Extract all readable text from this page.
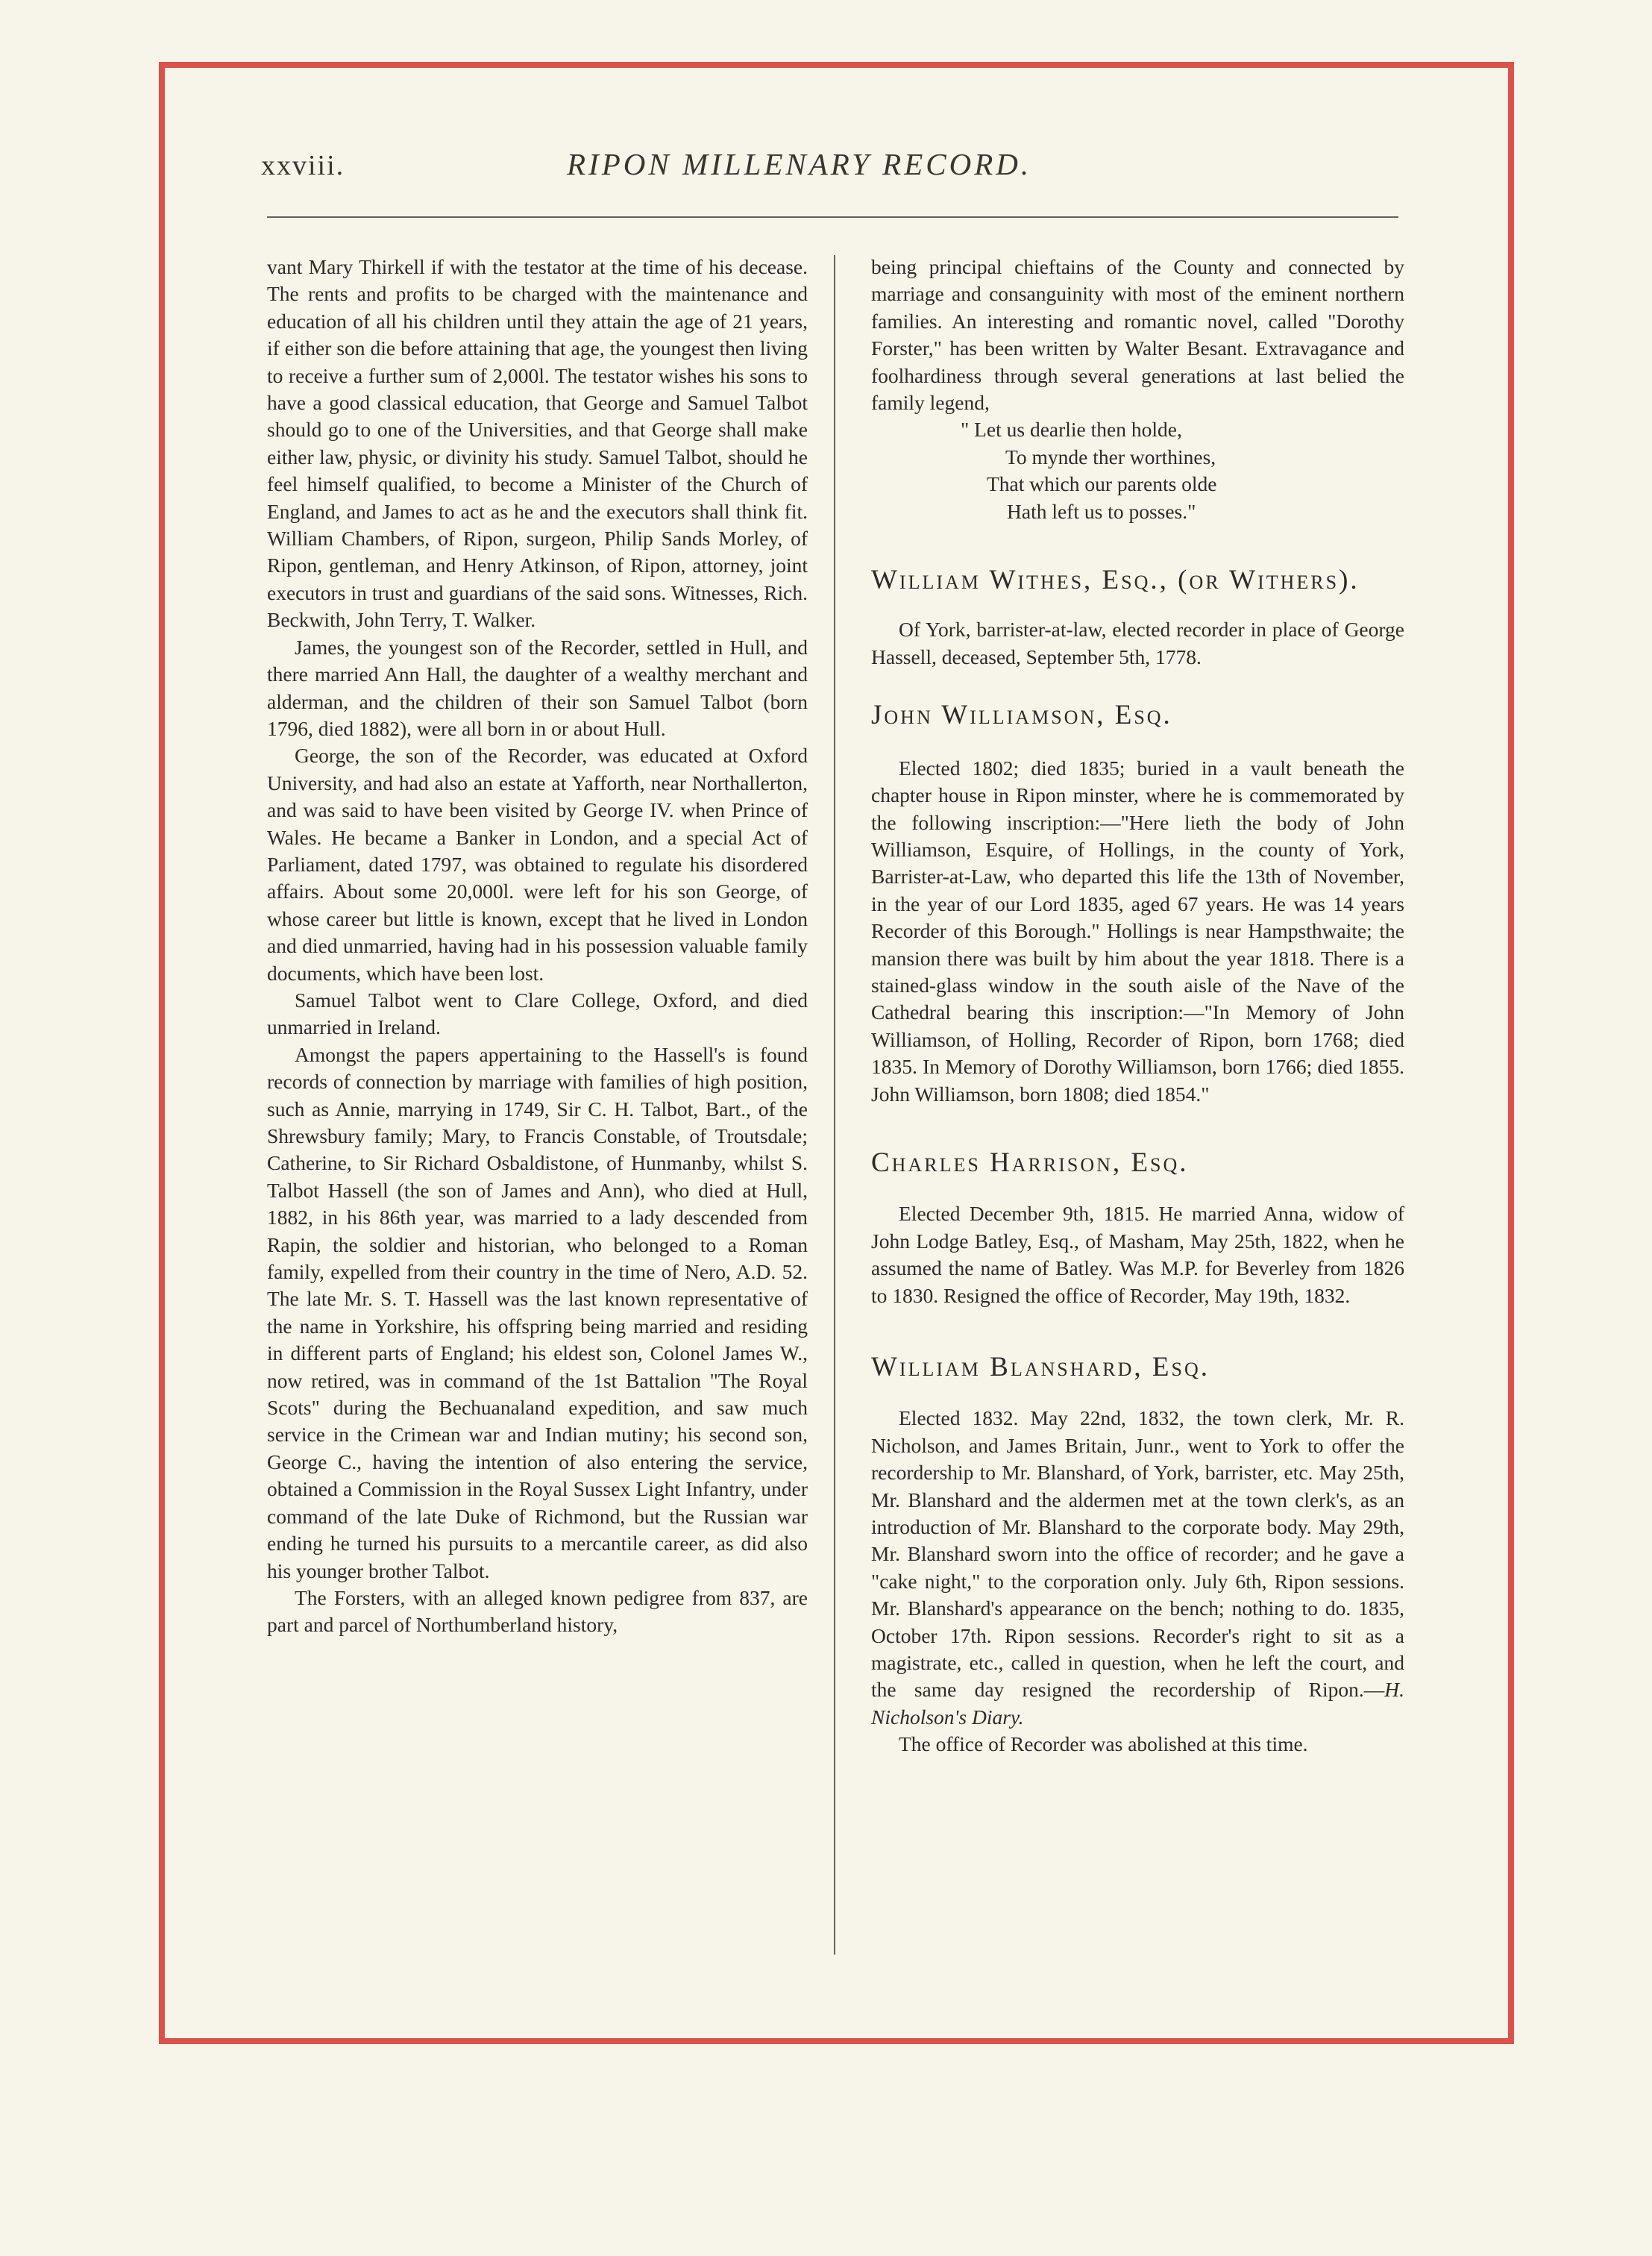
xxviii.	RIPON MILLENARY RECORD.

vant Mary Thirkell if with the testator at the time of his decease. The rents and profits to be charged with the maintenance and education of all his children until they attain the age of 21 years, if either son die before attaining that age, the youngest then living to receive a further sum of 2,000l. The testator wishes his sons to have a good classical education, that George and Samuel Talbot should go to one of the Universities, and that George shall make either law, physic, or divinity his study. Samuel Talbot, should he feel himself qualified, to become a Minister of the Church of England, and James to act as he and the executors shall think fit. William Chambers, of Ripon, surgeon, Philip Sands Morley, of Ripon, gentleman, and Henry Atkinson, of Ripon, attorney, joint executors in trust and guardians of the said sons. Witnesses, Rich. Beckwith, John Terry, T. Walker.

James, the youngest son of the Recorder, settled in Hull, and there married Ann Hall, the daughter of a wealthy merchant and alderman, and the children of their son Samuel Talbot (born 1796, died 1882), were all born in or about Hull.

George, the son of the Recorder, was educated at Oxford University, and had also an estate at Yafforth, near Northallerton, and was said to have been visited by George IV. when Prince of Wales. He became a Banker in London, and a special Act of Parliament, dated 1797, was obtained to regulate his disordered affairs. About some 20,000l. were left for his son George, of whose career but little is known, except that he lived in London and died unmarried, having had in his possession valuable family documents, which have been lost.

Samuel Talbot went to Clare College, Oxford, and died unmarried in Ireland.

Amongst the papers appertaining to the Hassell's is found records of connection by marriage with families of high position, such as Annie, marrying in 1749, Sir C. H. Talbot, Bart., of the Shrewsbury family; Mary, to Francis Constable, of Troutsdale; Catherine, to Sir Richard Osbaldistone, of Hunmanby, whilst S. Talbot Hassell (the son of James and Ann), who died at Hull, 1882, in his 86th year, was married to a lady descended from Rapin, the soldier and historian, who belonged to a Roman family, expelled from their country in the time of Nero, A.D. 52. The late Mr. S. T. Hassell was the last known representative of the name in Yorkshire, his offspring being married and residing in different parts of England; his eldest son, Colonel James W., now retired, was in command of the 1st Battalion "The Royal Scots" during the Bechuanaland expedition, and saw much service in the Crimean war and Indian mutiny; his second son, George C., having the intention of also entering the service, obtained a Commission in the Royal Sussex Light Infantry, under command of the late Duke of Richmond, but the Russian war ending he turned his pursuits to a mercantile career, as did also his younger brother Talbot.

The Forsters, with an alleged known pedigree from 837, are part and parcel of Northumberland history,

being principal chieftains of the County and connected by marriage and consanguinity with most of the eminent northern families. An interesting and romantic novel, called "Dorothy Forster," has been written by Walter Besant. Extravagance and foolhardiness through several generations at last belied the family legend,

" Let us dearlie then holde,
To mynde ther worthines,
That which our parents olde
Hath left us to posses."
William Withes, Esq., (or Withers).

Of York, barrister-at-law, elected recorder in place of George Hassell, deceased, September 5th, 1778.

John Williamson, Esq.

Elected 1802; died 1835; buried in a vault beneath the chapter house in Ripon minster, where he is commemorated by the following inscription:—"Here lieth the body of John Williamson, Esquire, of Hollings, in the county of York, Barrister-at-Law, who departed this life the 13th of November, in the year of our Lord 1835, aged 67 years. He was 14 years Recorder of this Borough." Hollings is near Hampsthwaite; the mansion there was built by him about the year 1818. There is a stained-glass window in the south aisle of the Nave of the Cathedral bearing this inscription:—"In Memory of John Williamson, of Holling, Recorder of Ripon, born 1768; died 1835. In Memory of Dorothy Williamson, born 1766; died 1855. John Williamson, born 1808; died 1854."

Charles Harrison, Esq.

Elected December 9th, 1815. He married Anna, widow of John Lodge Batley, Esq., of Masham, May 25th, 1822, when he assumed the name of Batley. Was M.P. for Beverley from 1826 to 1830. Resigned the office of Recorder, May 19th, 1832.

William Blanshard, Esq.

Elected 1832. May 22nd, 1832, the town clerk, Mr. R. Nicholson, and James Britain, Junr., went to York to offer the recordership to Mr. Blanshard, of York, barrister, etc. May 25th, Mr. Blanshard and the aldermen met at the town clerk's, as an introduction of Mr. Blanshard to the corporate body. May 29th, Mr. Blanshard sworn into the office of recorder; and he gave a "cake night," to the corporation only. July 6th, Ripon sessions. Mr. Blanshard's appearance on the bench; nothing to do. 1835, October 17th. Ripon sessions. Recorder's right to sit as a magistrate, etc., called in question, when he left the court, and the same day resigned the recordership of Ripon.—H. Nicholson's Diary.

The office of Recorder was abolished at this time.
